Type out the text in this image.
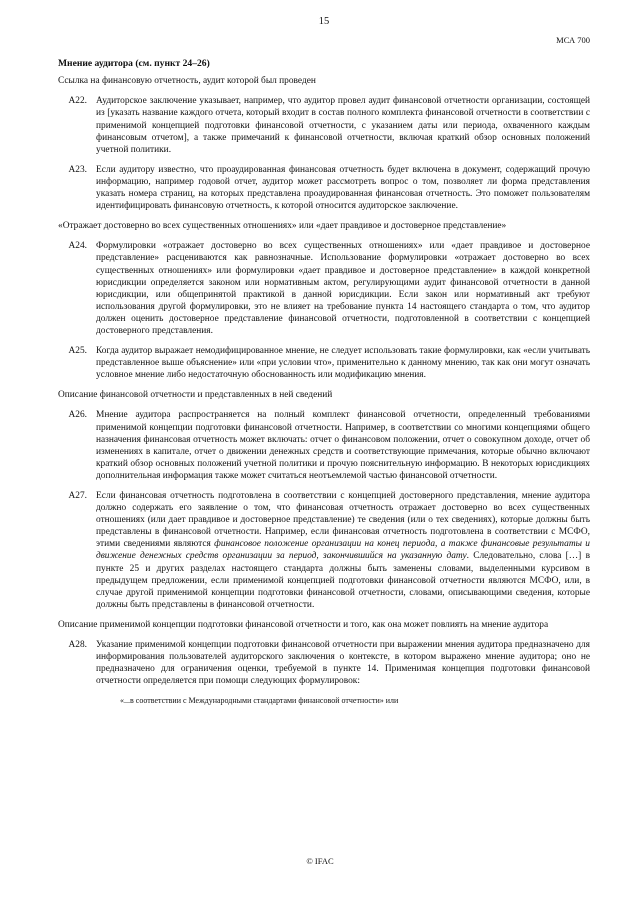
15
МСА 700
Мнение аудитора (см. пункт 24–26)
Ссылка на финансовую отчетность, аудит которой был проведен
A22. Аудиторское заключение указывает, например, что аудитор провел аудит финансовой отчетности организации, состоящей из [указать название каждого отчета, который входит в состав полного комплекта финансовой отчетности в соответствии с применимой концепцией подготовки финансовой отчетности, с указанием даты или периода, охваченного каждым финансовым отчетом], а также примечаний к финансовой отчетности, включая краткий обзор основных положений учетной политики.
A23. Если аудитору известно, что проаудированная финансовая отчетность будет включена в документ, содержащий прочую информацию, например годовой отчет, аудитор может рассмотреть вопрос о том, позволяет ли форма представления указать номера страниц, на которых представлена проаудированная финансовая отчетность. Это поможет пользователям идентифицировать финансовую отчетность, к которой относится аудиторское заключение.
«Отражает достоверно во всех существенных отношениях» или «дает правдивое и достоверное представление»
A24. Формулировки «отражает достоверно во всех существенных отношениях» или «дает правдивое и достоверное представление» расцениваются как равнозначные. Использование формулировки «отражает достоверно во всех существенных отношениях» или формулировки «дает правдивое и достоверное представление» в каждой конкретной юрисдикции определяется законом или нормативным актом, регулирующими аудит финансовой отчетности в данной юрисдикции, или общепринятой практикой в данной юрисдикции. Если закон или нормативный акт требуют использования другой формулировки, это не влияет на требование пункта 14 настоящего стандарта о том, что аудитор должен оценить достоверное представление финансовой отчетности, подготовленной в соответствии с концепцией достоверного представления.
A25. Когда аудитор выражает немодифицированное мнение, не следует использовать такие формулировки, как «если учитывать представленное выше объяснение» или «при условии что», применительно к данному мнению, так как они могут означать условное мнение либо недостаточную обоснованность или модификацию мнения.
Описание финансовой отчетности и представленных в ней сведений
A26. Мнение аудитора распространяется на полный комплект финансовой отчетности, определенный требованиями применимой концепции подготовки финансовой отчетности. Например, в соответствии со многими концепциями общего назначения финансовая отчетность может включать: отчет о финансовом положении, отчет о совокупном доходе, отчет об изменениях в капитале, отчет о движении денежных средств и соответствующие примечания, которые обычно включают краткий обзор основных положений учетной политики и прочую пояснительную информацию. В некоторых юрисдикциях дополнительная информация также может считаться неотъемлемой частью финансовой отчетности.
A27. Если финансовая отчетность подготовлена в соответствии с концепцией достоверного представления, мнение аудитора должно содержать его заявление о том, что финансовая отчетность отражает достоверно во всех существенных отношениях (или дает правдивое и достоверное представление) те сведения (или о тех сведениях), которые должны быть представлены в финансовой отчетности. Например, если финансовая отчетность подготовлена в соответствии с МСФО, этими сведениями являются финансовое положение организации на конец периода, а также финансовые результаты и движение денежных средств организации за период, закончившийся на указанную дату. Следовательно, слова […] в пункте 25 и других разделах настоящего стандарта должны быть заменены словами, выделенными курсивом в предыдущем предложении, если применимой концепцией подготовки финансовой отчетности являются МСФО, или, в случае другой применимой концепции подготовки финансовой отчетности, словами, описывающими сведения, которые должны быть представлены в финансовой отчетности.
Описание применимой концепции подготовки финансовой отчетности и того, как она может повлиять на мнение аудитора
A28. Указание применимой концепции подготовки финансовой отчетности при выражении мнения аудитора предназначено для информирования пользователей аудиторского заключения о контексте, в котором выражено мнение аудитора; оно не предназначено для ограничения оценки, требуемой в пункте 14. Применимая концепция подготовки финансовой отчетности определяется при помощи следующих формулировок:
«...в соответствии с Международными стандартами финансовой отчетности» или
© IFAC
